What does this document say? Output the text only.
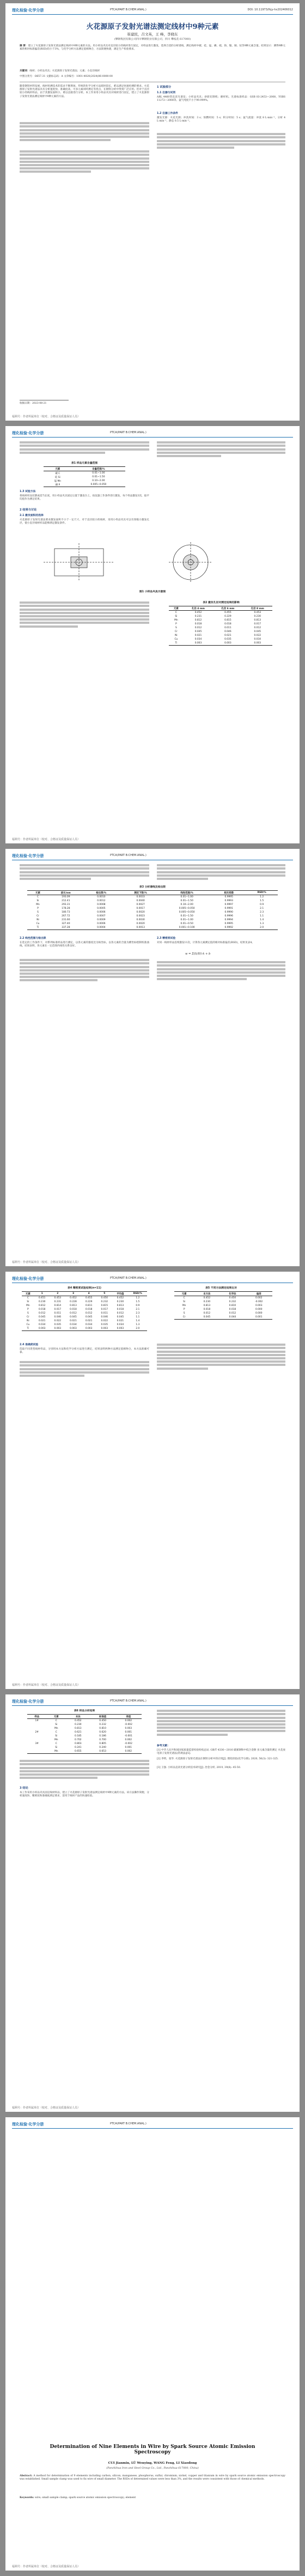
理化检验·化学分册	PTCA(PART B:CHEM.ANAL.)	DOI: 10.11973/lhjy-hx202406012
火花源原子发射光谱法测定线材中9种元素
崔建民，吕文英，王 峰，李晓东
(攀钢集团有限公司四川攀钢钒业有限公司，四川 攀枝花 617000)
摘 要：建立了火花源原子发射光谱法测定线材中9种元素的方法。用小样品夹具对直径较小的线材进行固定，对样品进行激发，选择合适的分析谱线，测定线材中碳、硅、锰、磷、硫、铬、镍、铜、钛等9种元素含量。结果显示：测得9种元素的相对标准偏差(RSD)均小于3%，与化学分析方法测定值相吻合，方法简便快捷，满足生产检验要求。
关键词：线材；小样品夹具；火花源原子发射光谱法；元素；小直径线材
中图分类号：O657.31 文献标志码：A 文章编号：1001-4020(2024)06-0000-00
随着钢铁材料发展，线材检测技术的需求不断增加，传统的化学分析方法耗时较长，难以满足快速检测的要求。火花源原子发射光谱法具有分析速度快、准确度高、可多元素同时测定等优点，在钢铁分析中得到广泛应用。但对于直径较小的线材样品，由于其激发面积小，难以直接进行分析。本工作采用小样品夹具对线材进行固定，建立了火花源原子发射光谱法测定线材中9种元素的方法。
收稿日期：2023-08-21
1 试验部分
1.1 仪器与试剂
ARL 4460型直读光谱仪；小样品夹具；砂轮切割机；磨样机。光谱标准样品：GSB 03-2453—2008，YSBS 11272—2008等。氩气纯度不小于99.999%。
1.2 仪器工作条件
激发光源：火花光源；冲洗时间：3 s；预燃时间：5 s；积分时间：5 s；氩气流量：冲洗 8 L·min⁻¹，分析 4 L·min⁻¹，静态 0.5 L·min⁻¹。
福利号：作者所属单位（校对、合格证及质量保证人员）
理化检验·化学分册	PTCA(PART B:CHEM.ANAL.)
表1 样品元素含量范围
元素	含量范围/%
碳 C	0.01~1.00
硅 Si	0.01~1.50
锰 Mn	0.10~2.00
磷 P	0.005~0.050
1.3 试验方法
将线材样品切割成适当长度，用小样品夹具固定后置于激发台上，按仪器工作条件进行激发，每个样品激发3次，取平均值作为测定结果。
2 结果与讨论
2.1 激发面积的选择
火花源原子发射光谱法要求激发面积不小于一定尺寸。对于直径较小的线材，采用小样品夹具可以有效缩小激发孔径，使小直径线材样品能够满足激发条件。
图1 小样品夹具示意图
表2 激发孔径对测定结果的影响
元素	孔径 4 mm	孔径 6 mm	孔径 8 mm
C	0.452	0.455	0.453
Si	0.231	0.229	0.230
Mn	0.812	0.815	0.813
P	0.018	0.018	0.017
S	0.012	0.011	0.012
Cr	0.045	0.046	0.045
Ni	0.021	0.021	0.022
Cu	0.034	0.035	0.034
Ti	0.003	0.003	0.003
福利号：作者所属单位（校对、合格证及质量保证人员）
理化检验·化学分册	PTCA(PART B:CHEM.ANAL.)
表3 分析谱线及检出限
元素	波长/nm	检出限/%	测定下限/%	线性范围/%	相关系数	RSD/%
C	193.09	0.0010	0.0033	0.01~1.00	0.9995	1.2
Si	212.41	0.0012	0.0040	0.01~1.50	0.9993	1.5
Mn	293.31	0.0008	0.0027	0.10~2.00	0.9997	0.9
P	178.28	0.0005	0.0017	0.005~0.050	0.9991	2.1
S	180.73	0.0006	0.0020	0.005~0.050	0.9990	2.3
Cr	267.72	0.0007	0.0023	0.01~1.50	0.9996	1.1
Ni	231.60	0.0009	0.0030	0.01~1.00	0.9994	1.4
Cu	327.40	0.0006	0.0020	0.01~0.50	0.9995	1.3
Ti	337.28	0.0004	0.0013	0.001~0.100	0.9992	2.0
2.2 线性范围与检出限
在选定的工作条件下，对系列标准样品进行测定，以各元素的强度比为纵坐标，以各元素的含量为横坐标绘制校准曲线。结果表明，各元素在一定范围内线性关系良好。
2.3 精密度试验
对同一线材样品连续激发11次，计算各元素测定值的相对标准偏差(RSD)，结果见表4。
w = Σ(Ii/I0)·k + b
福利号：作者所属单位（校对、合格证及质量保证人员）
理化检验·化学分册	PTCA(PART B:CHEM.ANAL.)
表4 精密度试验结果(n=11)
元素	1	2	3	4	5	平均值	RSD/%
C	0.451	0.453	0.452	0.455	0.450	0.452	1.2
Si	0.230	0.231	0.228	0.229	0.232	0.230	1.5
Mn	0.812	0.814	0.813	0.811	0.815	0.813	0.9
P	0.018	0.017	0.018	0.018	0.017	0.018	2.1
S	0.012	0.011	0.012	0.012	0.011	0.012	2.3
Cr	0.045	0.046	0.045	0.045	0.046	0.045	1.1
Ni	0.021	0.022	0.021	0.021	0.022	0.021	1.4
Cu	0.034	0.035	0.034	0.034	0.035	0.034	1.3
Ti	0.003	0.003	0.003	0.003	0.003	0.003	2.0
表5 不同方法测定结果比对
元素	本方法	化学法	偏差
C	0.452	0.450	0.002
Si	0.230	0.232	-0.002
Mn	0.813	0.810	0.003
P	0.018	0.018	0.000
S	0.012	0.012	0.000
Cr	0.045	0.044	0.001
2.4 准确度试验
选取不同类型线材样品，分别用本方法和化学分析方法进行测定，结果表明两种方法测定值相吻合，本方法准确可靠。
福利号：作者所属单位（校对、合格证及质量保证人员）
理化检验·化学分册	PTCA(PART B:CHEM.ANAL.)
表6 样品分析结果
样品	元素	本法	标准值	差值
1#	C	0.452	0.450	0.002
	Si	0.230	0.232	-0.002
	Mn	0.813	0.810	0.003
2#	C	0.621	0.620	0.001
	Si	0.185	0.186	-0.001
	Mn	0.702	0.700	0.002
3#	C	0.803	0.805	-0.002
	Si	0.241	0.240	0.001
	Mn	0.655	0.653	0.002
3 结论
本工作采用小样品夹具固定线材样品，建立了火花源原子发射光谱法测定线材中9种元素的方法。该方法操作简便、分析速度快、精密度和准确度满足要求，适用于线材产品的快速检验。
参考文献：
[1] 中华人民共和国国家质量监督检验检疫总局. GB/T 4336—2016 碳素钢和中低合金钢 多元素含量的测定 火花放电原子发射光谱法(常规法)[S].
[2] 李明，张华. 火花源原子发射光谱法在钢铁分析中的应用[J]. 理化检验(化学分册), 2020, 56(3): 321-325.
[3] 王强. 小样品直读光谱分析技术研究[J]. 冶金分析, 2019, 39(8): 45-50.
福利号：作者所属单位（校对、合格证及质量保证人员）
理化检验·化学分册	PTCA(PART B:CHEM.ANAL.)
Determination of Nine Elements in Wire by Spark Source Atomic Emission Spectroscopy
CUI Jianmin, LÜ Wenying, WANG Feng, LI Xiaodong
(Panzhihua Iron and Steel Group Co., Ltd., Panzhihua 617000, China)
Abstract: A method for determination of 9 elements including carbon, silicon, manganese, phosphorus, sulfur, chromium, nickel, copper and titanium in wire by spark source atomic emission spectroscopy was established. Small sample clamp was used to fix wire of small diameter. The RSDs of determined values were less than 3%, and the results were consistent with those of chemical methods.
Keywords: wire; small sample clamp; spark source atomic emission spectroscopy; element
福利号：作者所属单位（校对、合格证及质量保证人员）
